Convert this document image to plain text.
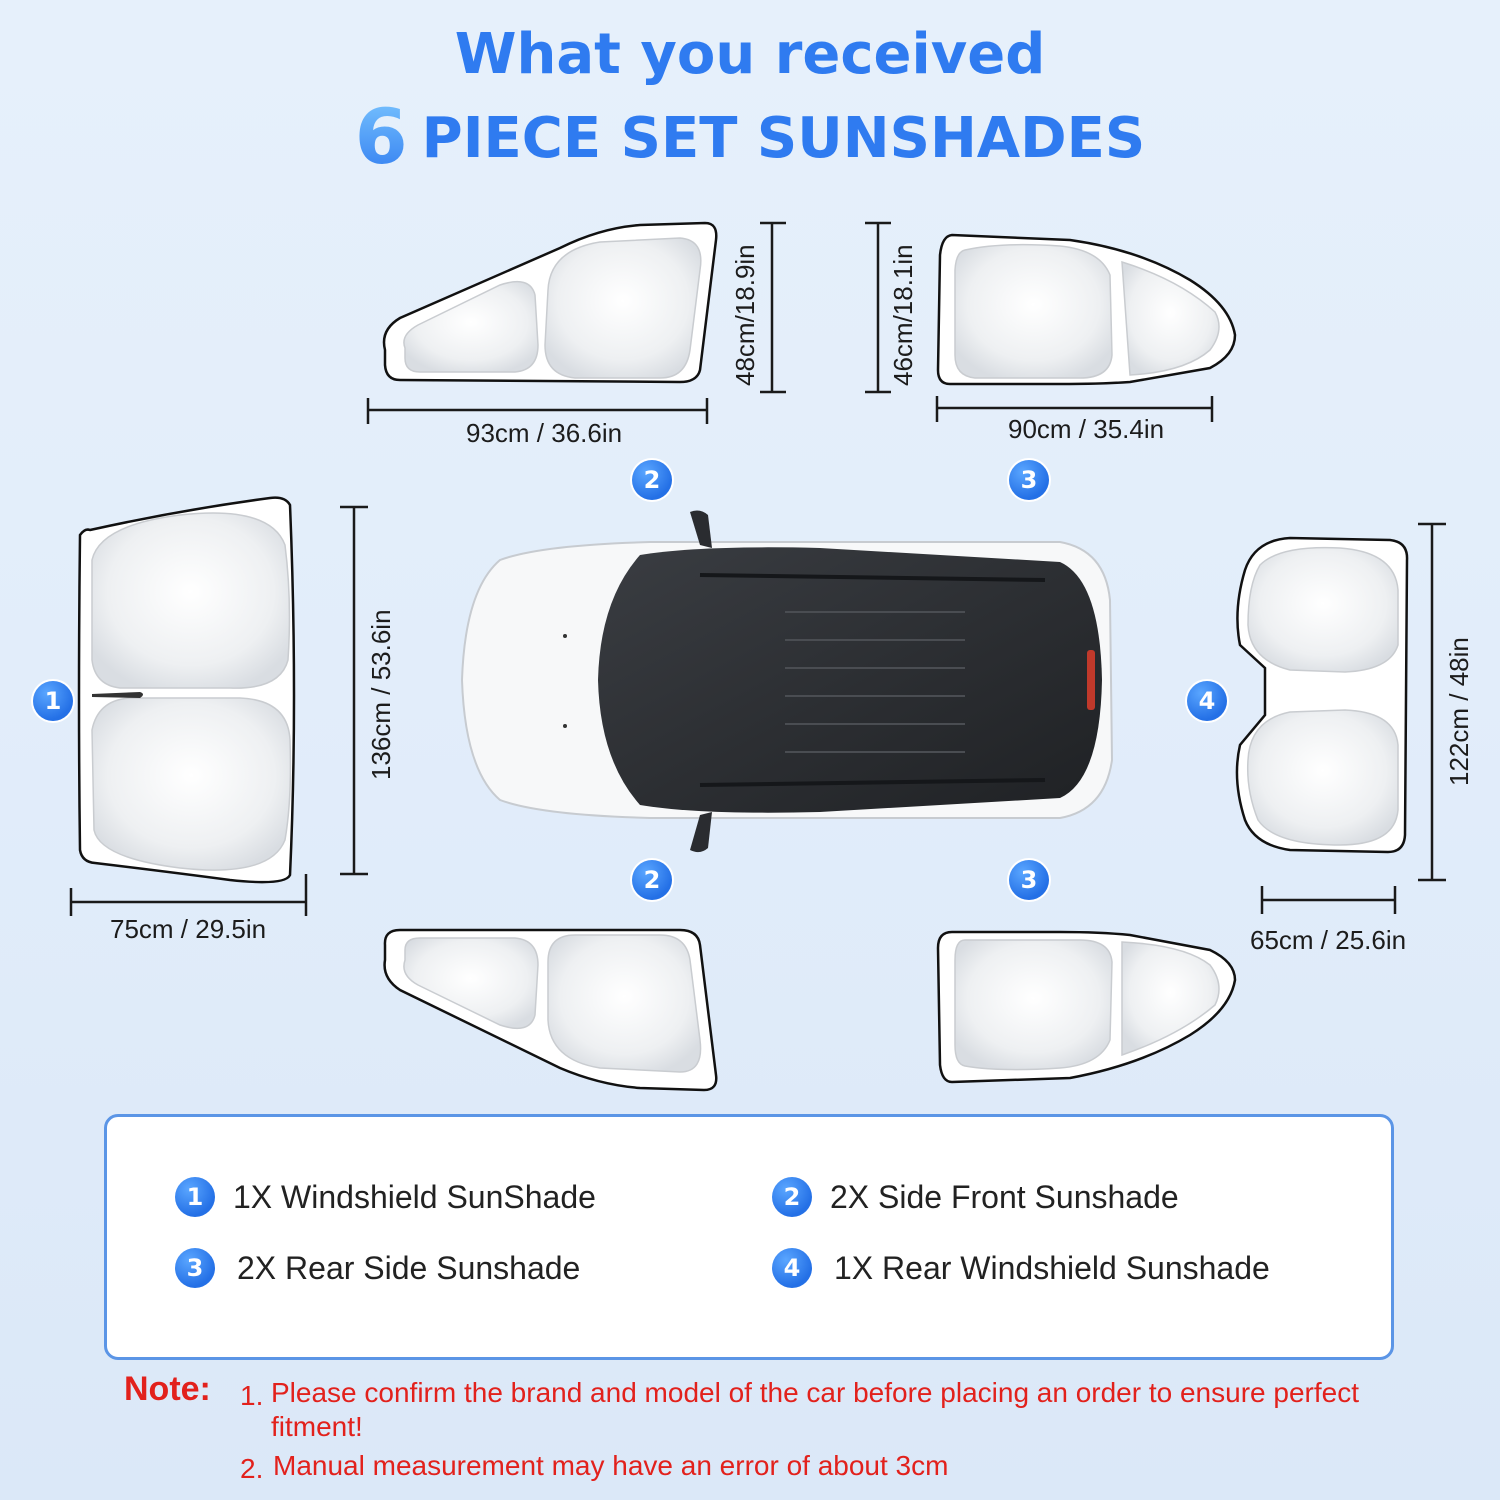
What you received
6 PIECE SET SUNSHADES
93cm / 36.6in
48cm/18.9in	46cm/18.1in
90cm / 35.4in
136cm / 53.6in
75cm / 29.5in
122cm / 48in
65cm / 25.6in
2	3
1	4
2	3
1 1X Windshield SunShade	2 2X Side Front Sunshade
3	2X Rear Side Sunshade	4	1X Rear Windshield Sunshade
Note: 1. Please confirm the brand and model of the car before placing an order to ensure perfect fitment!
2. Manual measurement may have an error of about 3cm
